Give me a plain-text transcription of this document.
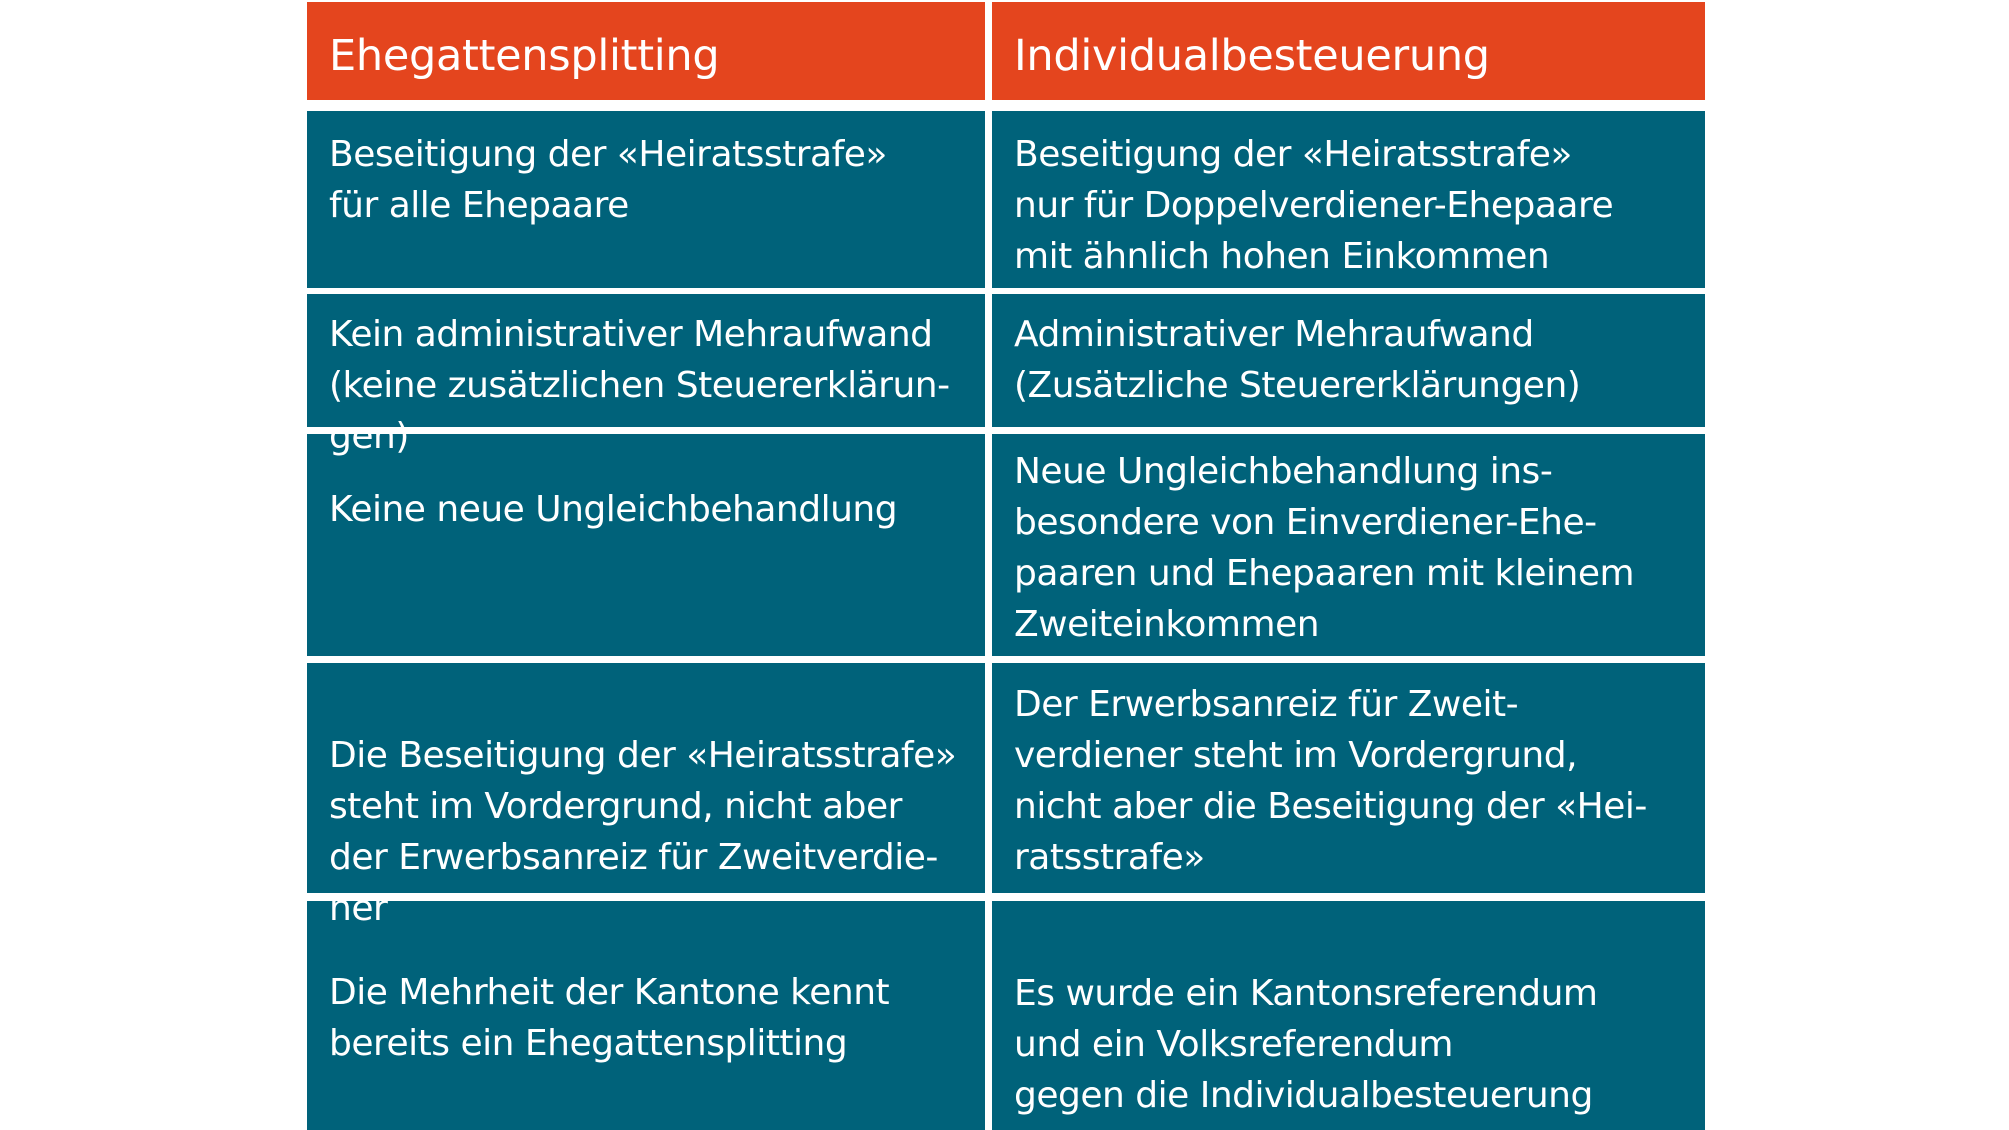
Ehegattensplitting	Individualbesteuerung
Beseitigung der «Heiratsstrafe»
für alle Ehepaare
Beseitigung der «Heiratsstrafe»
nur für Doppelverdiener-Ehepaare
mit ähnlich hohen Einkommen
Kein administrativer Mehraufwand
(keine zusätzlichen Steuererklärun-
gen)
Administrativer Mehraufwand
(Zusätzliche Steuererklärungen)
Keine neue Ungleichbehandlung
Neue Ungleichbehandlung ins-
besondere von Einverdiener-Ehe-
paaren und Ehepaaren mit kleinem
Zweiteinkommen
Die Beseitigung der «Heiratsstrafe»
steht im Vordergrund, nicht aber
der Erwerbsanreiz für Zweitverdie-
ner
Der Erwerbsanreiz für Zweit-
verdiener steht im Vordergrund,
nicht aber die Beseitigung der «Hei-
ratsstrafe»
Die Mehrheit der Kantone kennt
bereits ein Ehegattensplitting
Es wurde ein Kantonsreferendum
und ein Volksreferendum
gegen die Individualbesteuerung
